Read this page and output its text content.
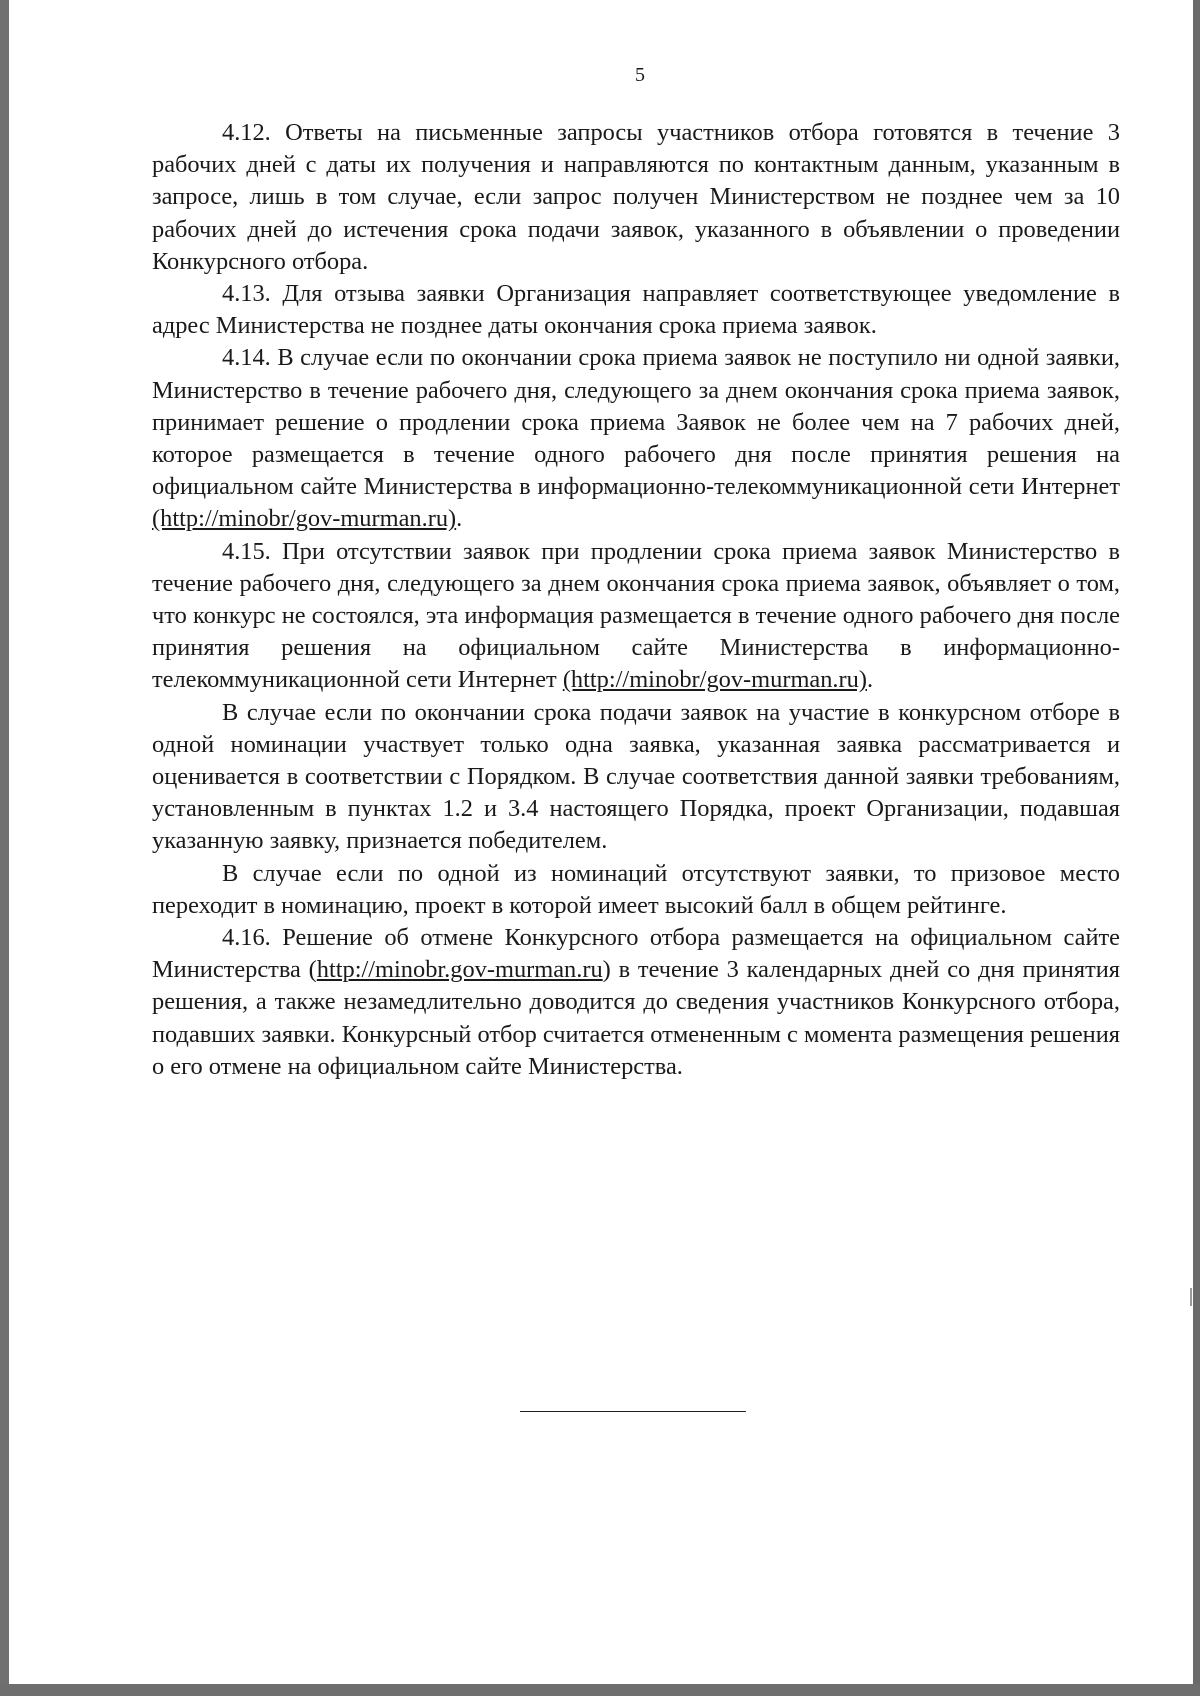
5

4.12. Ответы на письменные запросы участников отбора готовятся в течение 3 рабочих дней с даты их получения и направляются по контактным данным, указанным в запросе, лишь в том случае, если запрос получен Министерством не позднее чем за 10 рабочих дней до истечения срока подачи заявок, указанного в объявлении о проведении Конкурсного отбора.

4.13. Для отзыва заявки Организация направляет соответствующее уведомление в адрес Министерства не позднее даты окончания срока приема заявок.

4.14. В случае если по окончании срока приема заявок не поступило ни одной заявки, Министерство в течение рабочего дня, следующего за днем окончания срока приема заявок, принимает решение о продлении срока приема Заявок не более чем на 7 рабочих дней, которое размещается в течение одного рабочего дня после принятия решения на официальном сайте Министерства в информационно-телекоммуникационной сети Интернет (http://minobr/gov-murman.ru).

4.15. При отсутствии заявок при продлении срока приема заявок Министерство в течение рабочего дня, следующего за днем окончания срока приема заявок, объявляет о том, что конкурс не состоялся, эта информация размещается в течение одного рабочего дня после принятия решения на официальном сайте Министерства в информационно-телекоммуникационной сети Интернет (http://minobr/gov-murman.ru).

В случае если по окончании срока подачи заявок на участие в конкурсном отборе в одной номинации участвует только одна заявка, указанная заявка рассматривается и оценивается в соответствии с Порядком. В случае соответствия данной заявки требованиям, установленным в пунктах 1.2 и 3.4 настоящего Порядка, проект Организации, подавшая указанную заявку, признается победителем.

В случае если по одной из номинаций отсутствуют заявки, то призовое место переходит в номинацию, проект в которой имеет высокий балл в общем рейтинге.

4.16. Решение об отмене Конкурсного отбора размещается на официальном сайте Министерства (http://minobr.gov-murman.ru) в течение 3 календарных дней со дня принятия решения, а также незамедлительно доводится до сведения участников Конкурсного отбора, подавших заявки. Конкурсный отбор считается отмененным с момента размещения решения о его отмене на официальном сайте Министерства.
